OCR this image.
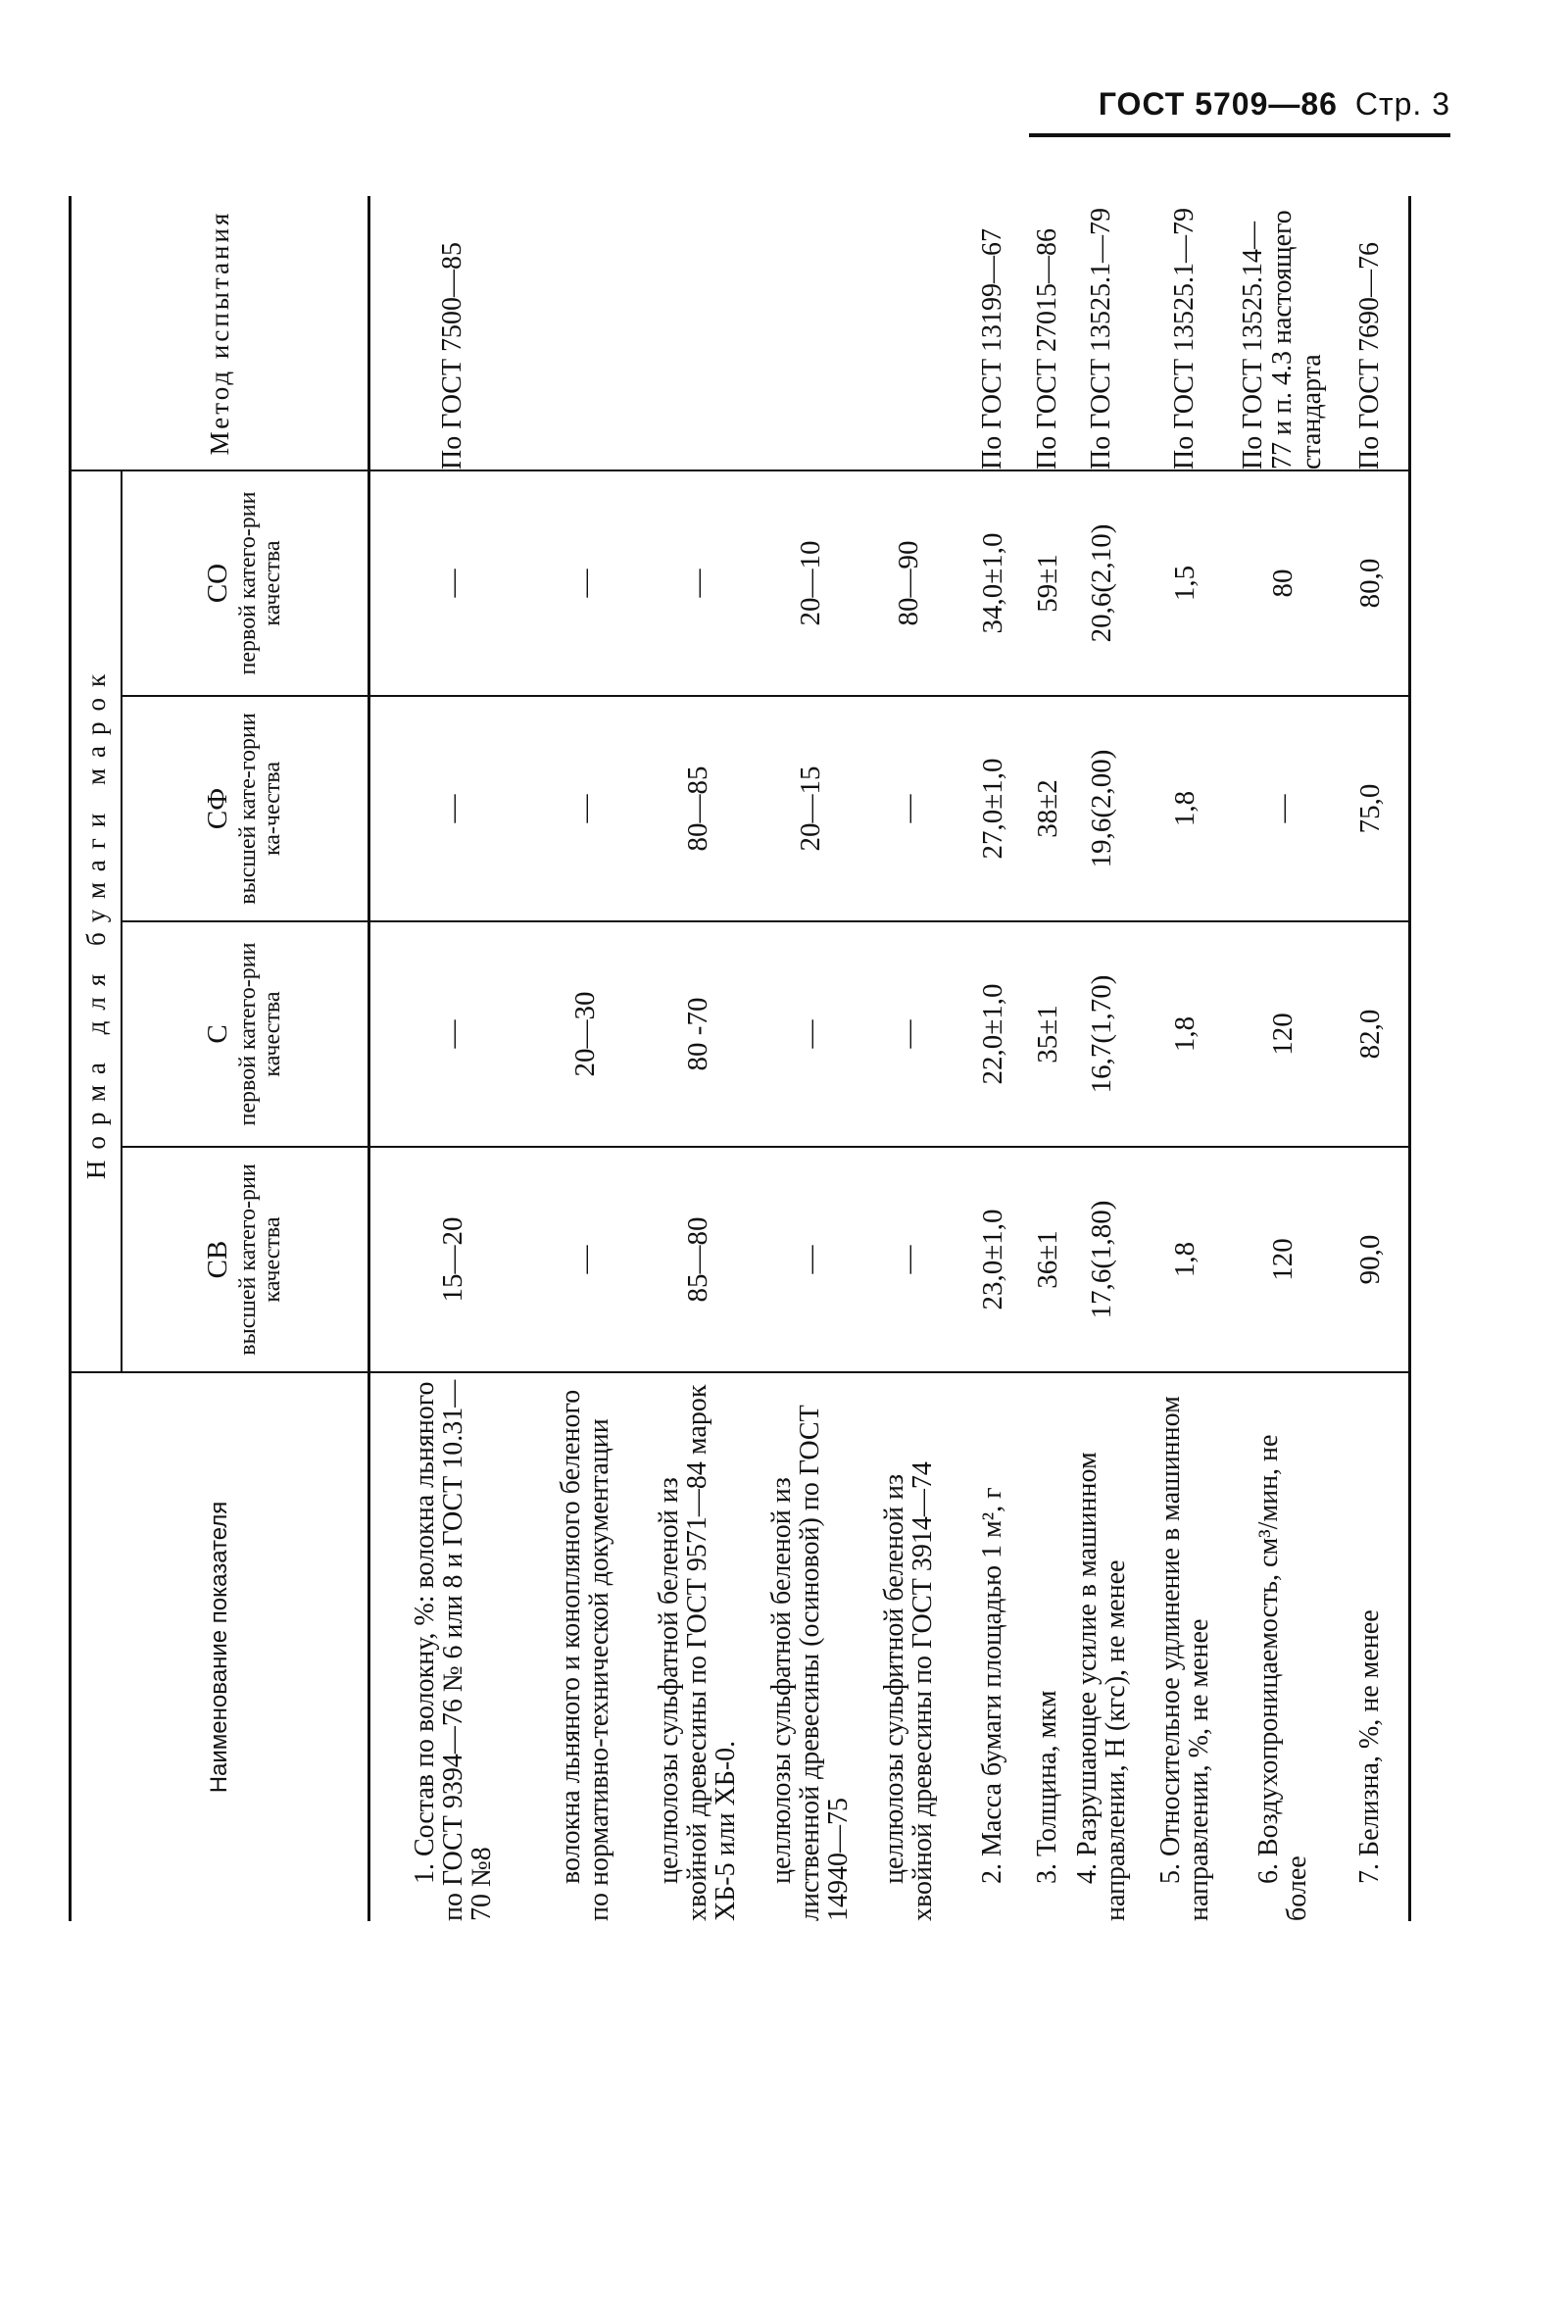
ГОСТ 5709—86 Стр. 3
Наименование показателя	Норма для бумаги марок				Метод испытания

	СВ высшей катего-рии качества	С первой катего-рии качества	СФ высшей кате-гории ка-чества	СО первой катего-рии качества	

1. Состав по волокну, %: волокна льняного по ГОСТ 9394—76 № 6 или 8 и ГОСТ 10.31—70 №8	15—20	—	—	—	По ГОСТ 7500—85
волокна льняного и конопляного беленого по нормативно-технической документации	—	20—30	—	—	
целлюлозы сульфатной беленой из хвойной древесины по ГОСТ 9571—84 марок ХБ-5 или ХБ-0.	85—80	80 -70	80—85	—	
целлюлозы сульфатной беленой из лиственной древесины (осиновой) по ГОСТ 14940—75	—	—	20—15	20—10	
целлюлозы сульфитной беленой из хвойной древесины по ГОСТ 3914—74	—	—	—	80—90	
2. Масса бумаги площадью 1 м², г	23,0±1,0	22,0±1,0	27,0±1,0	34,0±1,0	По ГОСТ 13199—67
3. Толщина, мкм	36±1	35±1	38±2	59±1	По ГОСТ 27015—86
4. Разрушающее усилие в машинном направлении, Н (кгс), не менее	17,6(1,80)	16,7(1,70)	19,6(2,00)	20,6(2,10)	По ГОСТ 13525.1—79
5. Относительное удлинение в машинном направлении, %, не менее	1,8	1,8	1,8	1,5	По ГОСТ 13525.1—79
6. Воздухопроницаемость, см³/мин, не более	120	120	—	80	По ГОСТ 13525.14—77 и п. 4.3 настоящего стандарта
7. Белизна, %, не менее	90,0	82,0	75,0	80,0	По ГОСТ 7690—76
